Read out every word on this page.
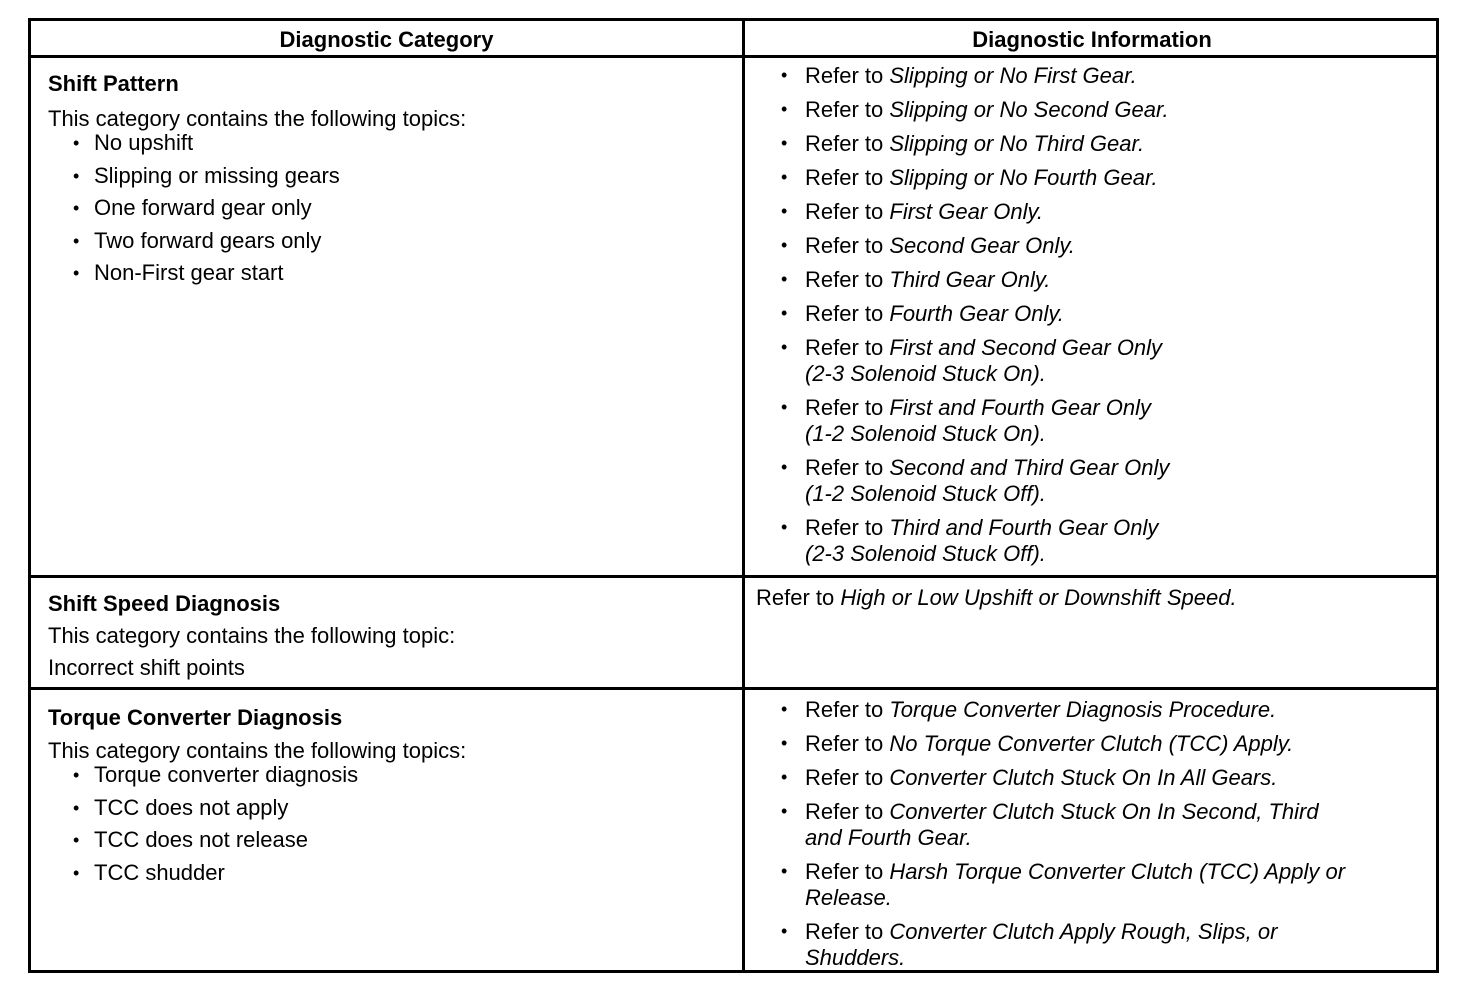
Diagnostic Category	Diagnostic Information
Shift Pattern
This category contains the following topics:
• No upshift
• Slipping or missing gears
• One forward gear only
• Two forward gears only
• Non-First gear start
• Refer to Slipping or No First Gear.
• Refer to Slipping or No Second Gear.
• Refer to Slipping or No Third Gear.
• Refer to Slipping or No Fourth Gear.
• Refer to First Gear Only.
• Refer to Second Gear Only.
• Refer to Third Gear Only.
• Refer to Fourth Gear Only.
• Refer to First and Second Gear Only
(2-3 Solenoid Stuck On).
• Refer to First and Fourth Gear Only
(1-2 Solenoid Stuck On).
• Refer to Second and Third Gear Only
(1-2 Solenoid Stuck Off).
• Refer to Third and Fourth Gear Only
(2-3 Solenoid Stuck Off).
Shift Speed Diagnosis
This category contains the following topic:
Incorrect shift points
Refer to High or Low Upshift or Downshift Speed.
Torque Converter Diagnosis
This category contains the following topics:
• Torque converter diagnosis
• TCC does not apply
• TCC does not release
• TCC shudder
• Refer to Torque Converter Diagnosis Procedure.
• Refer to No Torque Converter Clutch (TCC) Apply.
• Refer to Converter Clutch Stuck On In All Gears.
• Refer to Converter Clutch Stuck On In Second, Third
and Fourth Gear.
• Refer to Harsh Torque Converter Clutch (TCC) Apply or
Release.
• Refer to Converter Clutch Apply Rough, Slips, or
Shudders.
